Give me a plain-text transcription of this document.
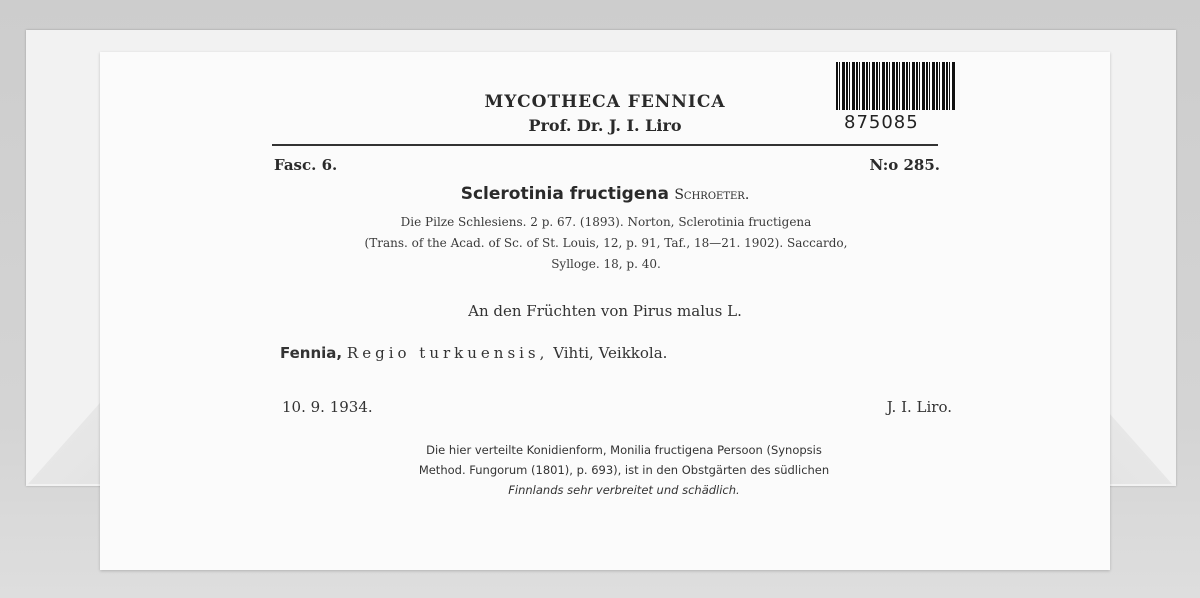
MYCOTHECA FENNICA
Prof. Dr. J. I. Liro	875085
Fasc. 6.	N:o 285.
Sclerotinia fructigena Schroeter.
Die Pilze Schlesiens. 2 p. 67. (1893). Norton, Sclerotinia fructigena
(Trans. of the Acad. of Sc. of St. Louis, 12, p. 91, Taf., 18—21. 1902). Saccardo,
Sylloge. 18, p. 40.
An den Früchten von Pirus malus L.
Fennia, Regio turkuensis, Vihti, Veikkola.
10. 9. 1934.	J. I. Liro.
Die hier verteilte Konidienform, Monilia fructigena Persoon (Synopsis
Method. Fungorum (1801), p. 693), ist in den Obstgärten des südlichen
Finnlands sehr verbreitet und schädlich.
